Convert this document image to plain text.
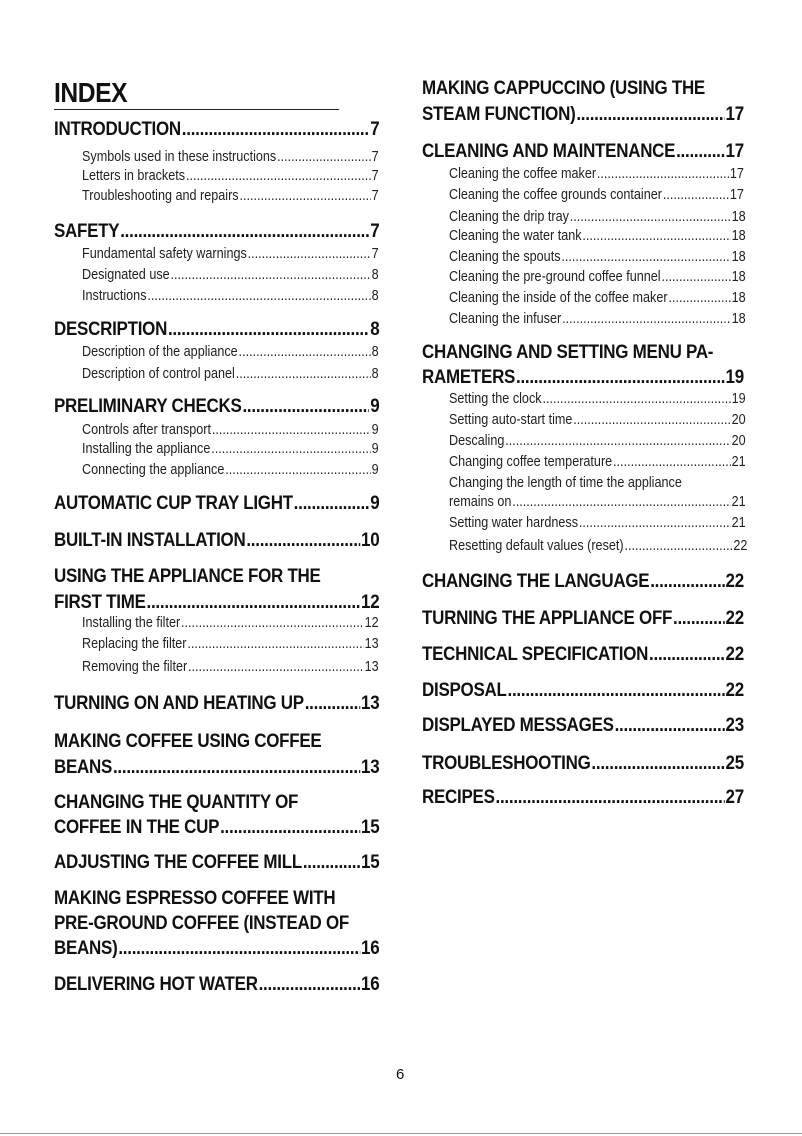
INDEX
INTRODUCTION .....	7
Symbols used in these instructions .....	7
Letters in brackets .....	7
Troubleshooting and repairs .....	7
SAFETY .....	7
Fundamental safety warnings .....	7
Designated use .....	8
Instructions .....	8
DESCRIPTION .....	8
Description of the appliance .....	8
Description of control panel .....	8
PRELIMINARY CHECKS .....	9
Controls after transport .....	9
Installing the appliance .....	9
Connecting the appliance .....	9
AUTOMATIC CUP TRAY LIGHT .....	9
BUILT-IN INSTALLATION .....	10
USING THE APPLIANCE FOR THE
FIRST TIME .....	12
Installing the filter .....	12
Replacing the filter .....	13
Removing the filter .....	13
TURNING ON AND HEATING UP .....	13
MAKING COFFEE USING COFFEE
BEANS .....	13
CHANGING THE QUANTITY OF
COFFEE IN THE CUP .....	15
ADJUSTING THE COFFEE MILL .....	15
MAKING ESPRESSO COFFEE WITH
PRE-GROUND COFFEE (INSTEAD OF
BEANS) .....	16
DELIVERING HOT WATER .....	16
MAKING CAPPUCCINO (USING THE
STEAM FUNCTION) .....	17
CLEANING AND MAINTENANCE .....	17
Cleaning the coffee maker .....	17
Cleaning the coffee grounds container .....	17
Cleaning the drip tray .....	18
Cleaning the water tank .....	18
Cleaning the spouts .....	18
Cleaning the pre-ground coffee funnel .....	18
Cleaning the inside of the coffee maker .....	18
Cleaning the infuser .....	18
CHANGING AND SETTING MENU PA-
RAMETERS .....	19
Setting the clock .....	19
Setting auto-start time .....	20
Descaling .....	20
Changing coffee temperature .....	21
Changing the length of time the appliance
remains on .....	21
Setting water hardness .....	21
Resetting default values (reset) .....	22
CHANGING THE LANGUAGE .....	22
TURNING THE APPLIANCE OFF .....	22
TECHNICAL SPECIFICATION .....	22
DISPOSAL .....	22
DISPLAYED MESSAGES .....	23
TROUBLESHOOTING .....	25
RECIPES .....	27
6
